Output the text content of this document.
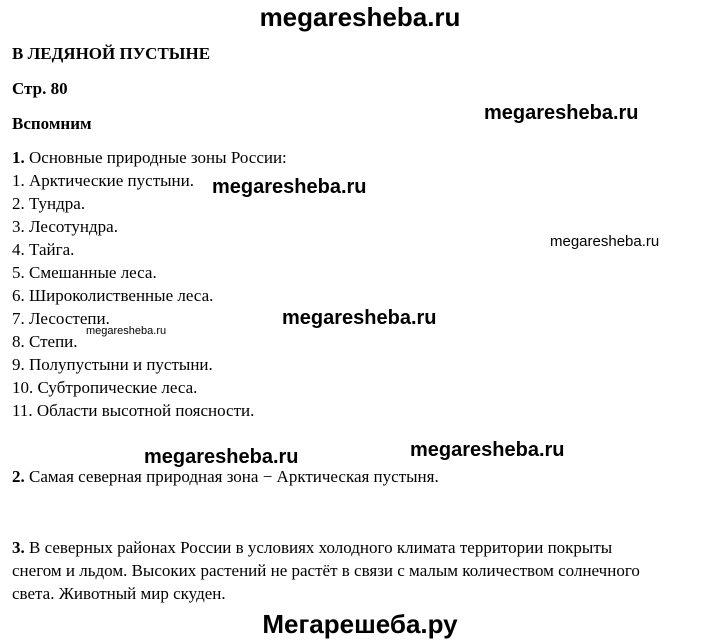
megaresheba.ru
megaresheba.ru
megaresheba.ru
megaresheba.ru
megaresheba.ru
megaresheba.ru
megaresheba.ru	megaresheba.ru
Мегарешеба.ру
В ЛЕДЯНОЙ ПУСТЫНЕ
Стр. 80
Вспомним
1. Основные природные зоны России:
1. Арктические пустыни.
2. Тундра.
3. Лесотундра.
4. Тайга.
5. Смешанные леса.
6. Широколиственные леса.
7. Лесостепи.
8. Степи.
9. Полупустыни и пустыни.
10. Субтропические леса.
11. Области высотной поясности.
2. Самая северная природная зона − Арктическая пустыня.
3. В северных районах России в условиях холодного климата территории покрыты
снегом и льдом. Высоких растений не растёт в связи с малым количеством солнечного
света. Животный мир скуден.
